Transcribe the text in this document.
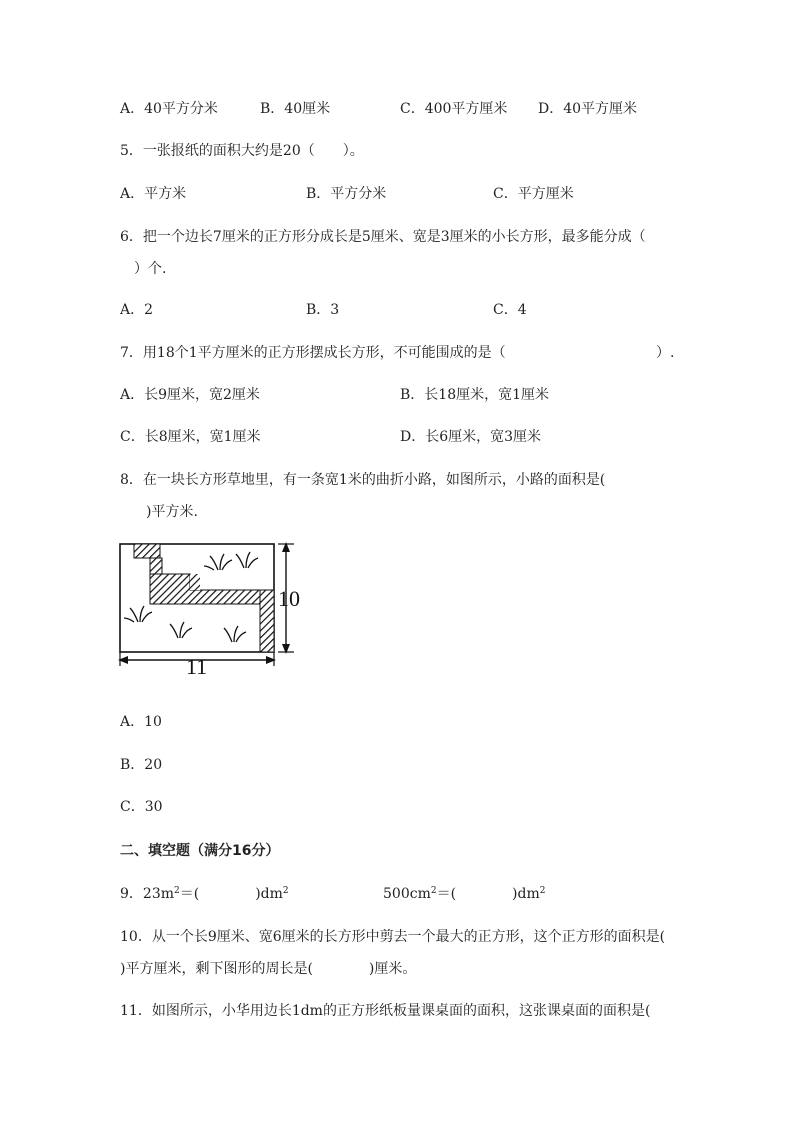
A．40平方分米	B．40厘米	C．400平方厘米 D．40平方厘米
5．一张报纸的面积大约是20（　　）。
A．平方米	B．平方分米	C．平方厘米
6．把一个边长7厘米的正方形分成长是5厘米、宽是3厘米的小长方形，最多能分成（
）个.
A．2	B．3	C．4
7．用18个1平方厘米的正方形摆成长方形，不可能围成的是（	）.
A．长9厘米，宽2厘米	B．长18厘米，宽1厘米
C．长8厘米，宽1厘米	D．长6厘米，宽3厘米
8．在一块长方形草地里，有一条宽1米的曲折小路，如图所示，小路的面积是(
)平方米.
10
11
A．10
B．20
C．30
二、填空题（满分16分）
9．$23m^2=$(　　　　)$dm^2$	$500cm^2=$(　　　　)$dm^2$
10．从一个长9厘米、宽6厘米的长方形中剪去一个最大的正方形，这个正方形的面积是(
)平方厘米，剩下图形的周长是(　　　　)厘米。
11．如图所示，小华用边长1dm的正方形纸板量课桌面的面积，这张课桌面的面积是(
